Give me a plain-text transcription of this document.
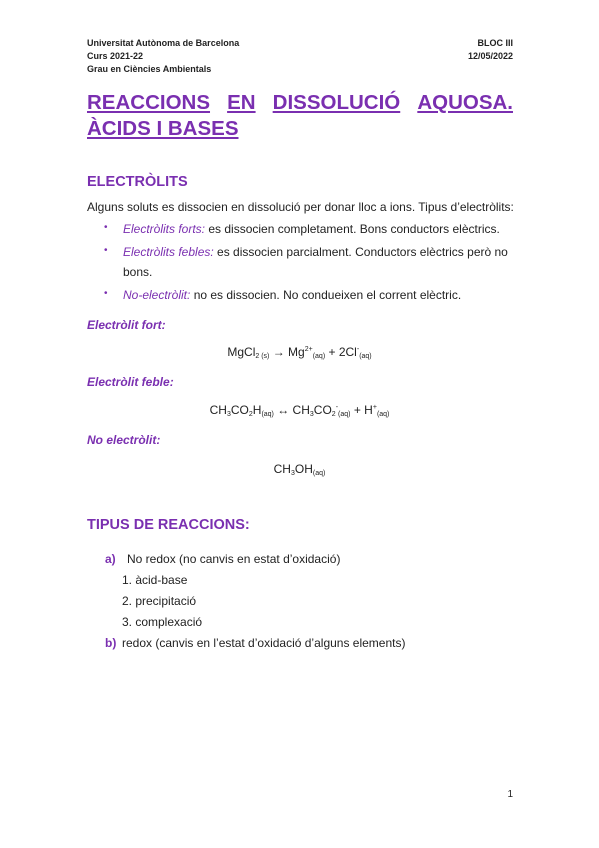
Universitat Autònoma de Barcelona
Curs 2021-22
Grau en Ciències Ambientals
BLOC III
12/05/2022
REACCIONS EN DISSOLUCIÓ AQUOSA.
ÀCIDS I BASES
ELECTRÒLITS
Alguns soluts es dissocien en dissolució per donar lloc a ions. Tipus d’electròlits:
• Electròlits forts: es dissocien completament. Bons conductors elèctrics.
• Electròlits febles: es dissocien parcialment. Conductors elèctrics però no
bons.
• No-electròlit: no es dissocien. No condueixen el corrent elèctric.
Electròlit fort:
MgCl$_{2 (s)}$ → $Mg^{2+}_{(aq)} + 2Cl^-_{(aq)}$
Electròlit feble:
$CH_3CO_2H_{(aq)}$ ↔ $CH_3CO_2^-_{(aq)} + H^+_{(aq)}$
No electròlit:
$CH_3OH_{(aq)}$
TIPUS DE REACCIONS:
a) No redox (no canvis en estat d’oxidació)
1. àcid-base
2. precipitació
3. complexació
b) redox (canvis en l’estat d’oxidació d’alguns elements)
1
